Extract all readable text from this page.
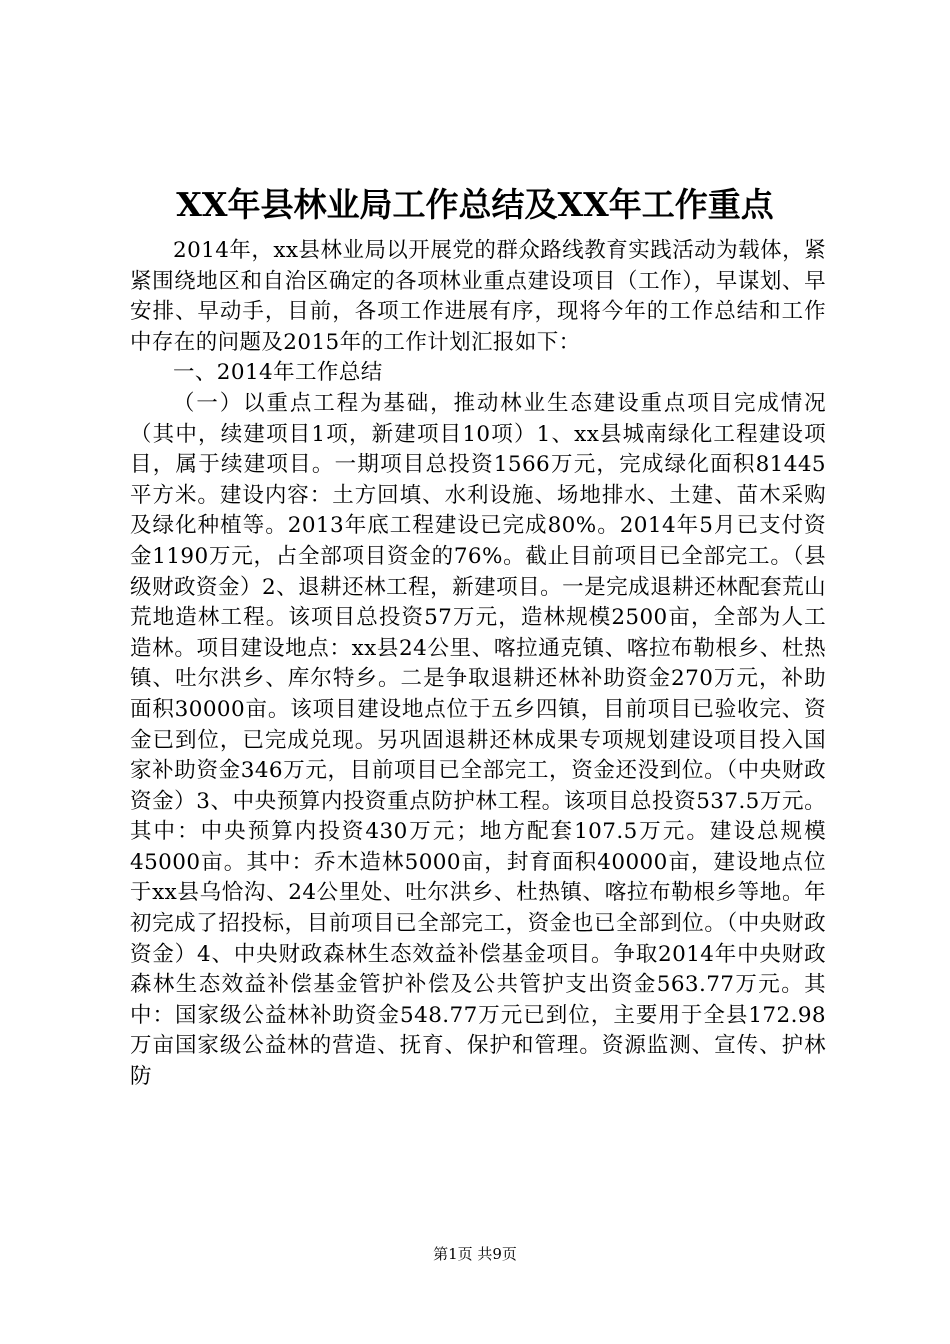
XX年县林业局工作总结及XX年工作重点

2014年，xx县林业局以开展党的群众路线教育实践活动为载体，紧紧围绕地区和自治区确定的各项林业重点建设项目（工作），早谋划、早安排、早动手，目前，各项工作进展有序，现将今年的工作总结和工作中存在的问题及2015年的工作计划汇报如下：

一、2014年工作总结

（一）以重点工程为基础，推动林业生态建设重点项目完成情况（其中，续建项目1项，新建项目10项）1、xx县城南绿化工程建设项目，属于续建项目。一期项目总投资1566万元，完成绿化面积81445平方米。建设内容：土方回填、水利设施、场地排水、土建、苗木采购及绿化种植等。2013年底工程建设已完成80%。2014年5月已支付资金1190万元，占全部项目资金的76%。截止目前项目已全部完工。（县级财政资金）2、退耕还林工程，新建项目。一是完成退耕还林配套荒山荒地造林工程。该项目总投资57万元，造林规模2500亩，全部为人工造林。项目建设地点：xx县24公里、喀拉通克镇、喀拉布勒根乡、杜热镇、吐尔洪乡、库尔特乡。二是争取退耕还林补助资金270万元，补助面积30000亩。该项目建设地点位于五乡四镇，目前项目已验收完、资金已到位，已完成兑现。另巩固退耕还林成果专项规划建设项目投入国家补助资金346万元，目前项目已全部完工，资金还没到位。（中央财政资金）3、中央预算内投资重点防护林工程。该项目总投资537.5万元。其中：中央预算内投资430万元；地方配套107.5万元。建设总规模45000亩。其中：乔木造林5000亩，封育面积40000亩，建设地点位于xx县乌恰沟、24公里处、吐尔洪乡、杜热镇、喀拉布勒根乡等地。年初完成了招投标，目前项目已全部完工，资金也已全部到位。（中央财政资金）4、中央财政森林生态效益补偿基金项目。争取2014年中央财政森林生态效益补偿基金管护补偿及公共管护支出资金563.77万元。其中：国家级公益林补助资金548.77万元已到位，主要用于全县172.98万亩国家级公益林的营造、抚育、保护和管理。资源监测、宣传、护林防

第1页 共9页
